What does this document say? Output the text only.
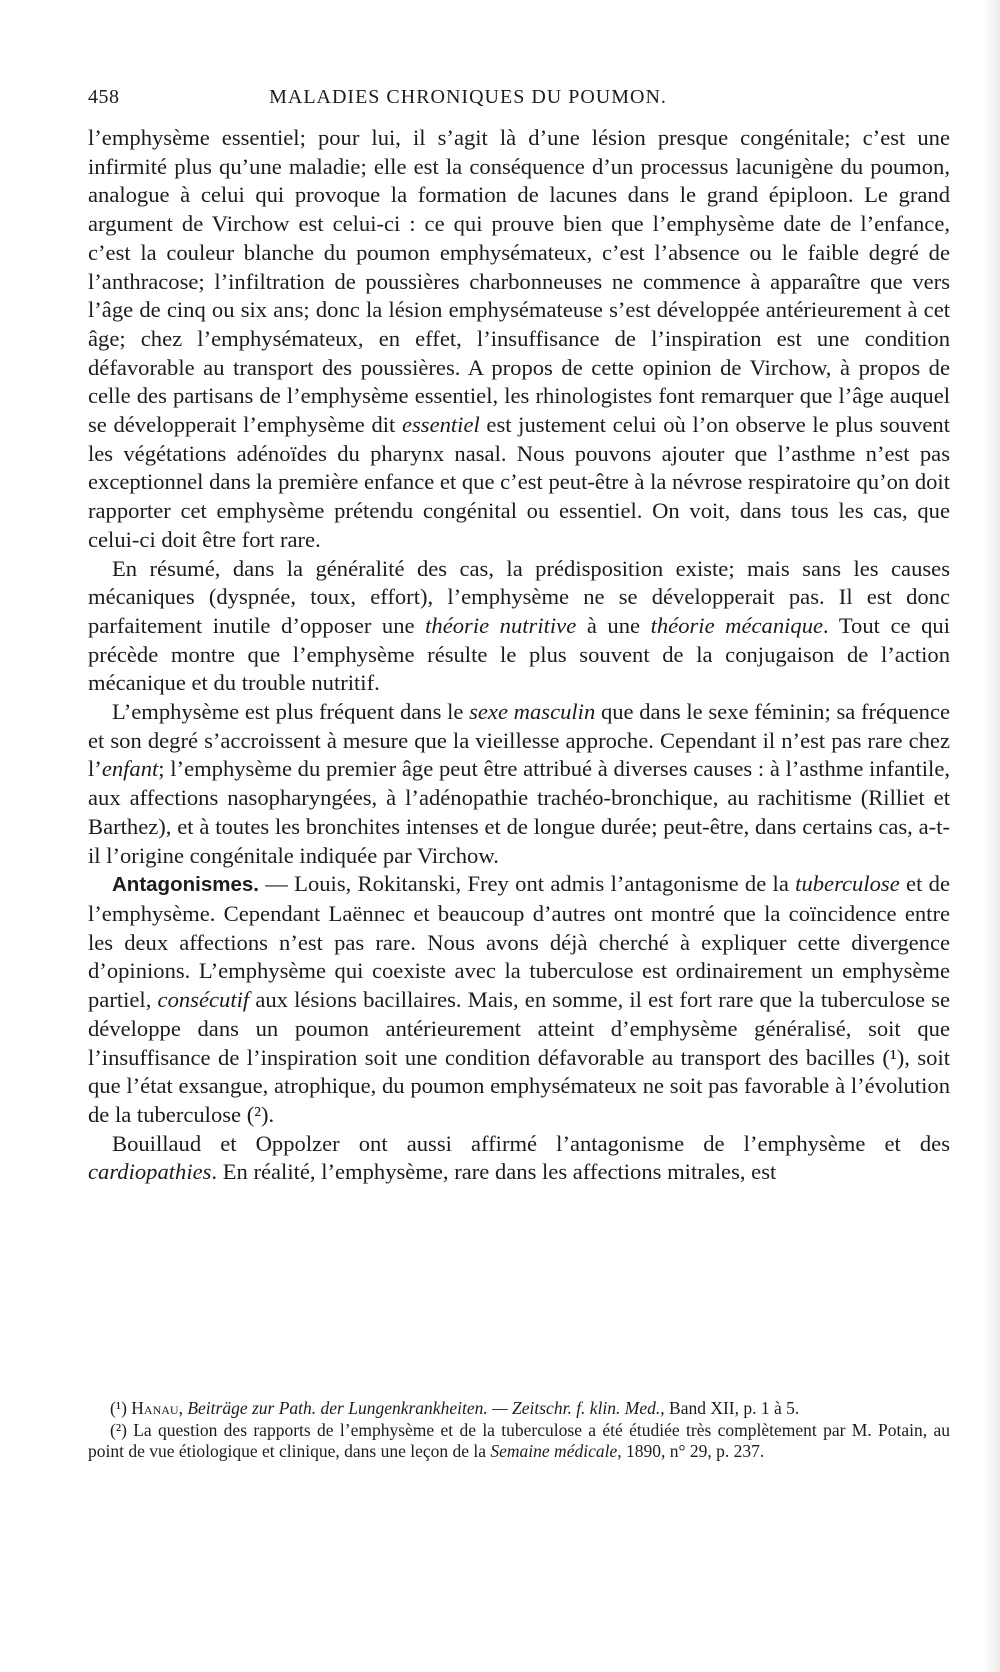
458	MALADIES CHRONIQUES DU POUMON.

l’emphysème essentiel; pour lui, il s’agit là d’une lésion presque congénitale; c’est une infirmité plus qu’une maladie; elle est la conséquence d’un processus lacunigène du poumon, analogue à celui qui provoque la formation de lacunes dans le grand épiploon. Le grand argument de Virchow est celui-ci : ce qui prouve bien que l’emphysème date de l’enfance, c’est la couleur blanche du poumon emphysémateux, c’est l’absence ou le faible degré de l’anthracose; l’infiltration de poussières charbonneuses ne commence à apparaître que vers l’âge de cinq ou six ans; donc la lésion emphysémateuse s’est développée antérieurement à cet âge; chez l’emphysémateux, en effet, l’insuffisance de l’inspiration est une condition défavorable au transport des poussières. A propos de cette opinion de Virchow, à propos de celle des partisans de l’emphysème essentiel, les rhinologistes font remarquer que l’âge auquel se développerait l’emphysème dit essentiel est justement celui où l’on observe le plus souvent les végétations adénoïdes du pharynx nasal. Nous pouvons ajouter que l’asthme n’est pas exceptionnel dans la première enfance et que c’est peut-être à la névrose respiratoire qu’on doit rapporter cet emphysème prétendu congénital ou essentiel. On voit, dans tous les cas, que celui-ci doit être fort rare.

En résumé, dans la généralité des cas, la prédisposition existe; mais sans les causes mécaniques (dyspnée, toux, effort), l’emphysème ne se développerait pas. Il est donc parfaitement inutile d’opposer une théorie nutritive à une théorie mécanique. Tout ce qui précède montre que l’emphysème résulte le plus souvent de la conjugaison de l’action mécanique et du trouble nutritif.

L’emphysème est plus fréquent dans le sexe masculin que dans le sexe féminin; sa fréquence et son degré s’accroissent à mesure que la vieillesse approche. Cependant il n’est pas rare chez l’enfant; l’emphysème du premier âge peut être attribué à diverses causes : à l’asthme infantile, aux affections nasopharyngées, à l’adénopathie trachéo-bronchique, au rachitisme (Rilliet et Barthez), et à toutes les bronchites intenses et de longue durée; peut-être, dans certains cas, a-t-il l’origine congénitale indiquée par Virchow.

Antagonismes. — Louis, Rokitanski, Frey ont admis l’antagonisme de la tuberculose et de l’emphysème. Cependant Laënnec et beaucoup d’autres ont montré que la coïncidence entre les deux affections n’est pas rare. Nous avons déjà cherché à expliquer cette divergence d’opinions. L’emphysème qui coexiste avec la tuberculose est ordinairement un emphysème partiel, consécutif aux lésions bacillaires. Mais, en somme, il est fort rare que la tuberculose se développe dans un poumon antérieurement atteint d’emphysème généralisé, soit que l’insuffisance de l’inspiration soit une condition défavorable au transport des bacilles (¹), soit que l’état exsangue, atrophique, du poumon emphysémateux ne soit pas favorable à l’évolution de la tuberculose (²).

Bouillaud et Oppolzer ont aussi affirmé l’antagonisme de l’emphysème et des cardiopathies. En réalité, l’emphysème, rare dans les affections mitrales, est

(¹) Hanau, Beiträge zur Path. der Lungenkrankheiten. — Zeitschr. f. klin. Med., Band XII, p. 1 à 5.

(²) La question des rapports de l’emphysème et de la tuberculose a été étudiée très complètement par M. Potain, au point de vue étiologique et clinique, dans une leçon de la Semaine médicale, 1890, n° 29, p. 237.
